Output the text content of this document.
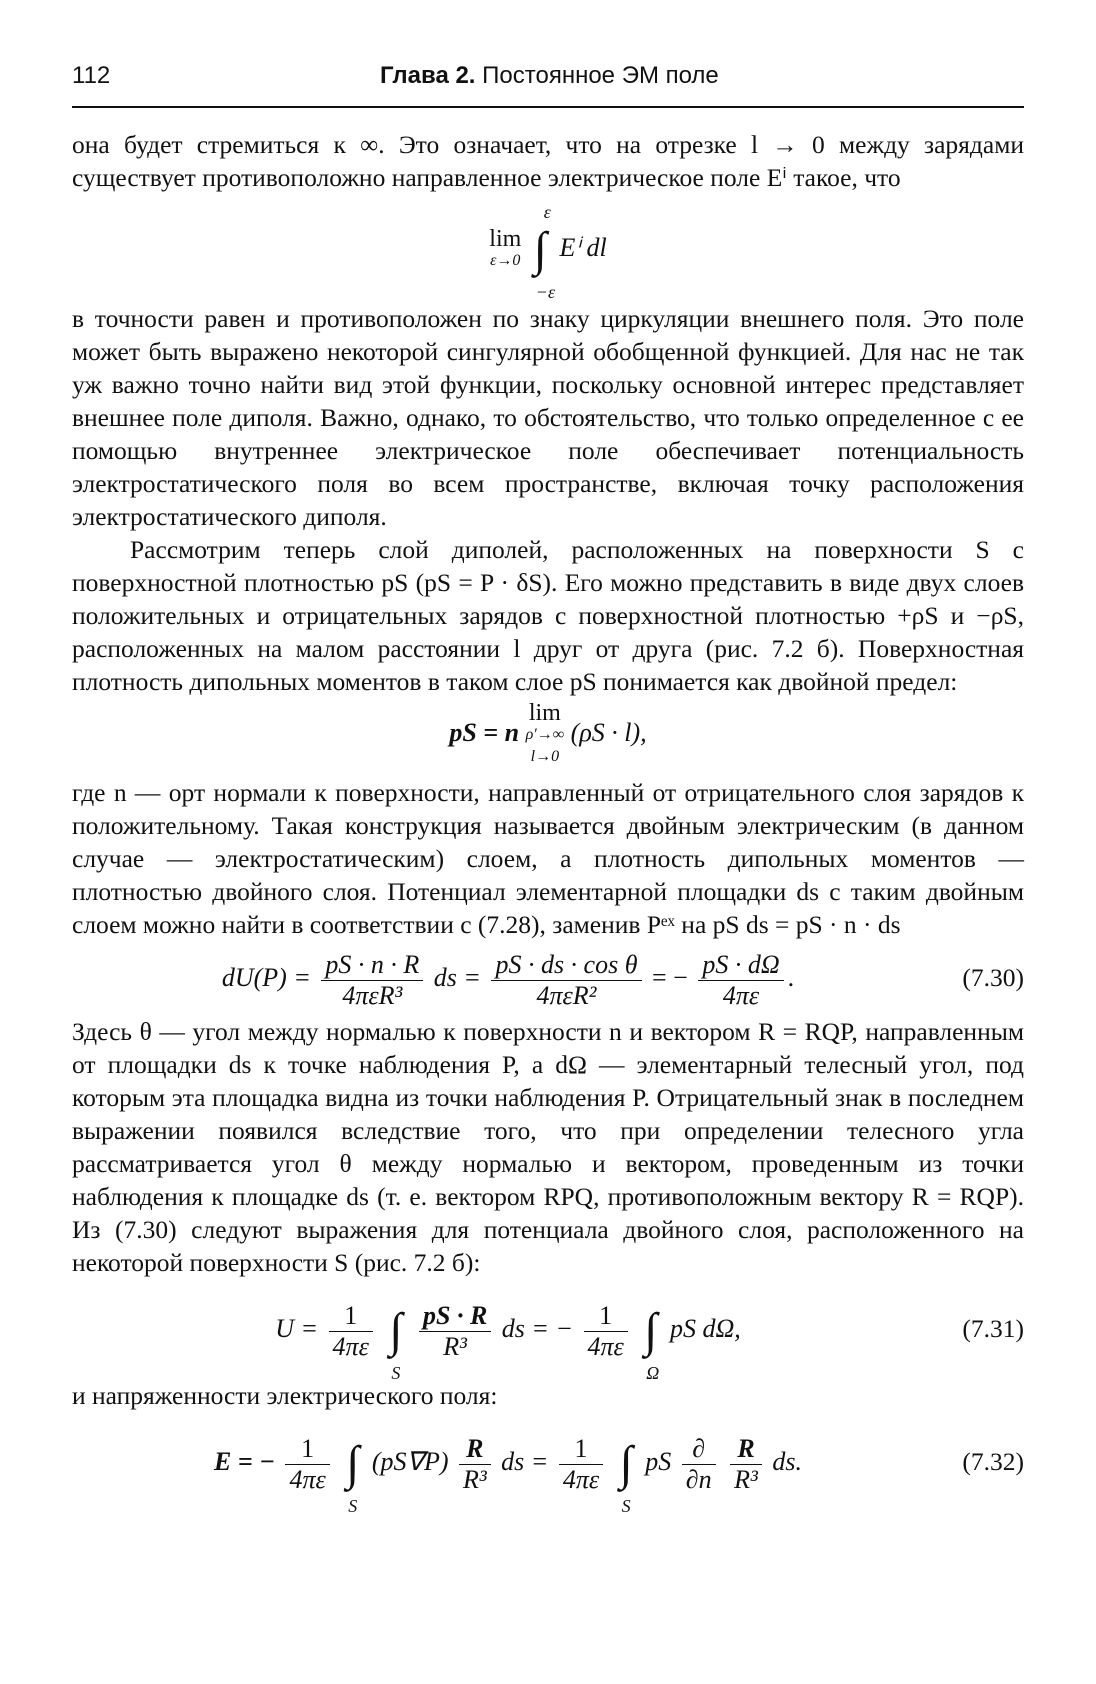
112	Глава 2. Постоянное ЭМ поле

она будет стремиться к ∞. Это означает, что на отрезке l → 0 между зарядами существует противоположно направленное электрическое поле Eⁱ такое, что

lim
ε→0 ∫
ε
−ε
Eⁱ dl

в точности равен и противоположен по знаку циркуляции внешнего поля. Это поле может быть выражено некоторой сингулярной обобщенной функцией. Для нас не так уж важно точно найти вид этой функции, поскольку основной интерес представляет внешнее поле диполя. Важно, однако, то обстоятельство, что только определенное с ее помощью внутреннее электрическое поле обеспечивает потенциальность электростатического поля во всем пространстве, включая точку расположения электростатического диполя.

Рассмотрим теперь слой диполей, расположенных на поверхности S с поверхностной плотностью pS (pS = P · δS). Его можно представить в виде двух слоев положительных и отрицательных зарядов с поверхностной плотностью +ρS и −ρS, расположенных на малом расстоянии l друг от друга (рис. 7.2 б). Поверхностная плотность дипольных моментов в таком слое pS понимается как двойной предел:

pS = n lim
ρ′→∞
l→0
(ρS · l),

где n — орт нормали к поверхности, направленный от отрицательного слоя зарядов к положительному. Такая конструкция называется двойным электрическим (в данном случае — электростатическим) слоем, а плотность дипольных моментов — плотностью двойного слоя. Потенциал элементарной площадки ds с таким двойным слоем можно найти в соответствии с (7.28), заменив Pᵉˣ на pS ds = pS · n · ds

$dU(P) = \frac{pS \cdot n \cdot R}{\text{4πεR³}}$ ds = $\frac{\text{pS · ds · cos θ}}{\text{4πεR²}}$ = − $\frac{pS \cdot d\Omega}{4\pi\varepsilon}$ .	(7.30)

Здесь θ — угол между нормалью к поверхности n и вектором R = RQP, направленным от площадки ds к точке наблюдения P, а dΩ — элементарный телесный угол, под которым эта площадка видна из точки наблюдения P. Отрицательный знак в последнем выражении появился вследствие того, что при определении телесного угла рассматривается угол θ между нормалью и вектором, проведенным из точки наблюдения к площадке ds (т. е. вектором RPQ, противоположным вектору R = RQP). Из (7.30) следуют выражения для потенциала двойного слоя, расположенного на некоторой поверхности S (рис. 7.2 б):

$U = \frac{1}{4\pi\varepsilon}$ ∫
S

$\frac{pS \cdot R}{\text{R³}}$ ds = − $\frac{1}{4\pi\varepsilon}$ ∫
Ω
pS dΩ,	(7.31)

и напряженности электрического поля:

E = − $\frac{1}{4\pi\varepsilon}$ ∫
S
$(pS\nabla P) \frac{R}{\text{R³}}$ ds = $\frac{1}{4\pi\varepsilon}$ ∫
S
pS $\frac{\partial}{\partial n}$
$\frac{R}{\text{R³}}$ ds.	(7.32)
